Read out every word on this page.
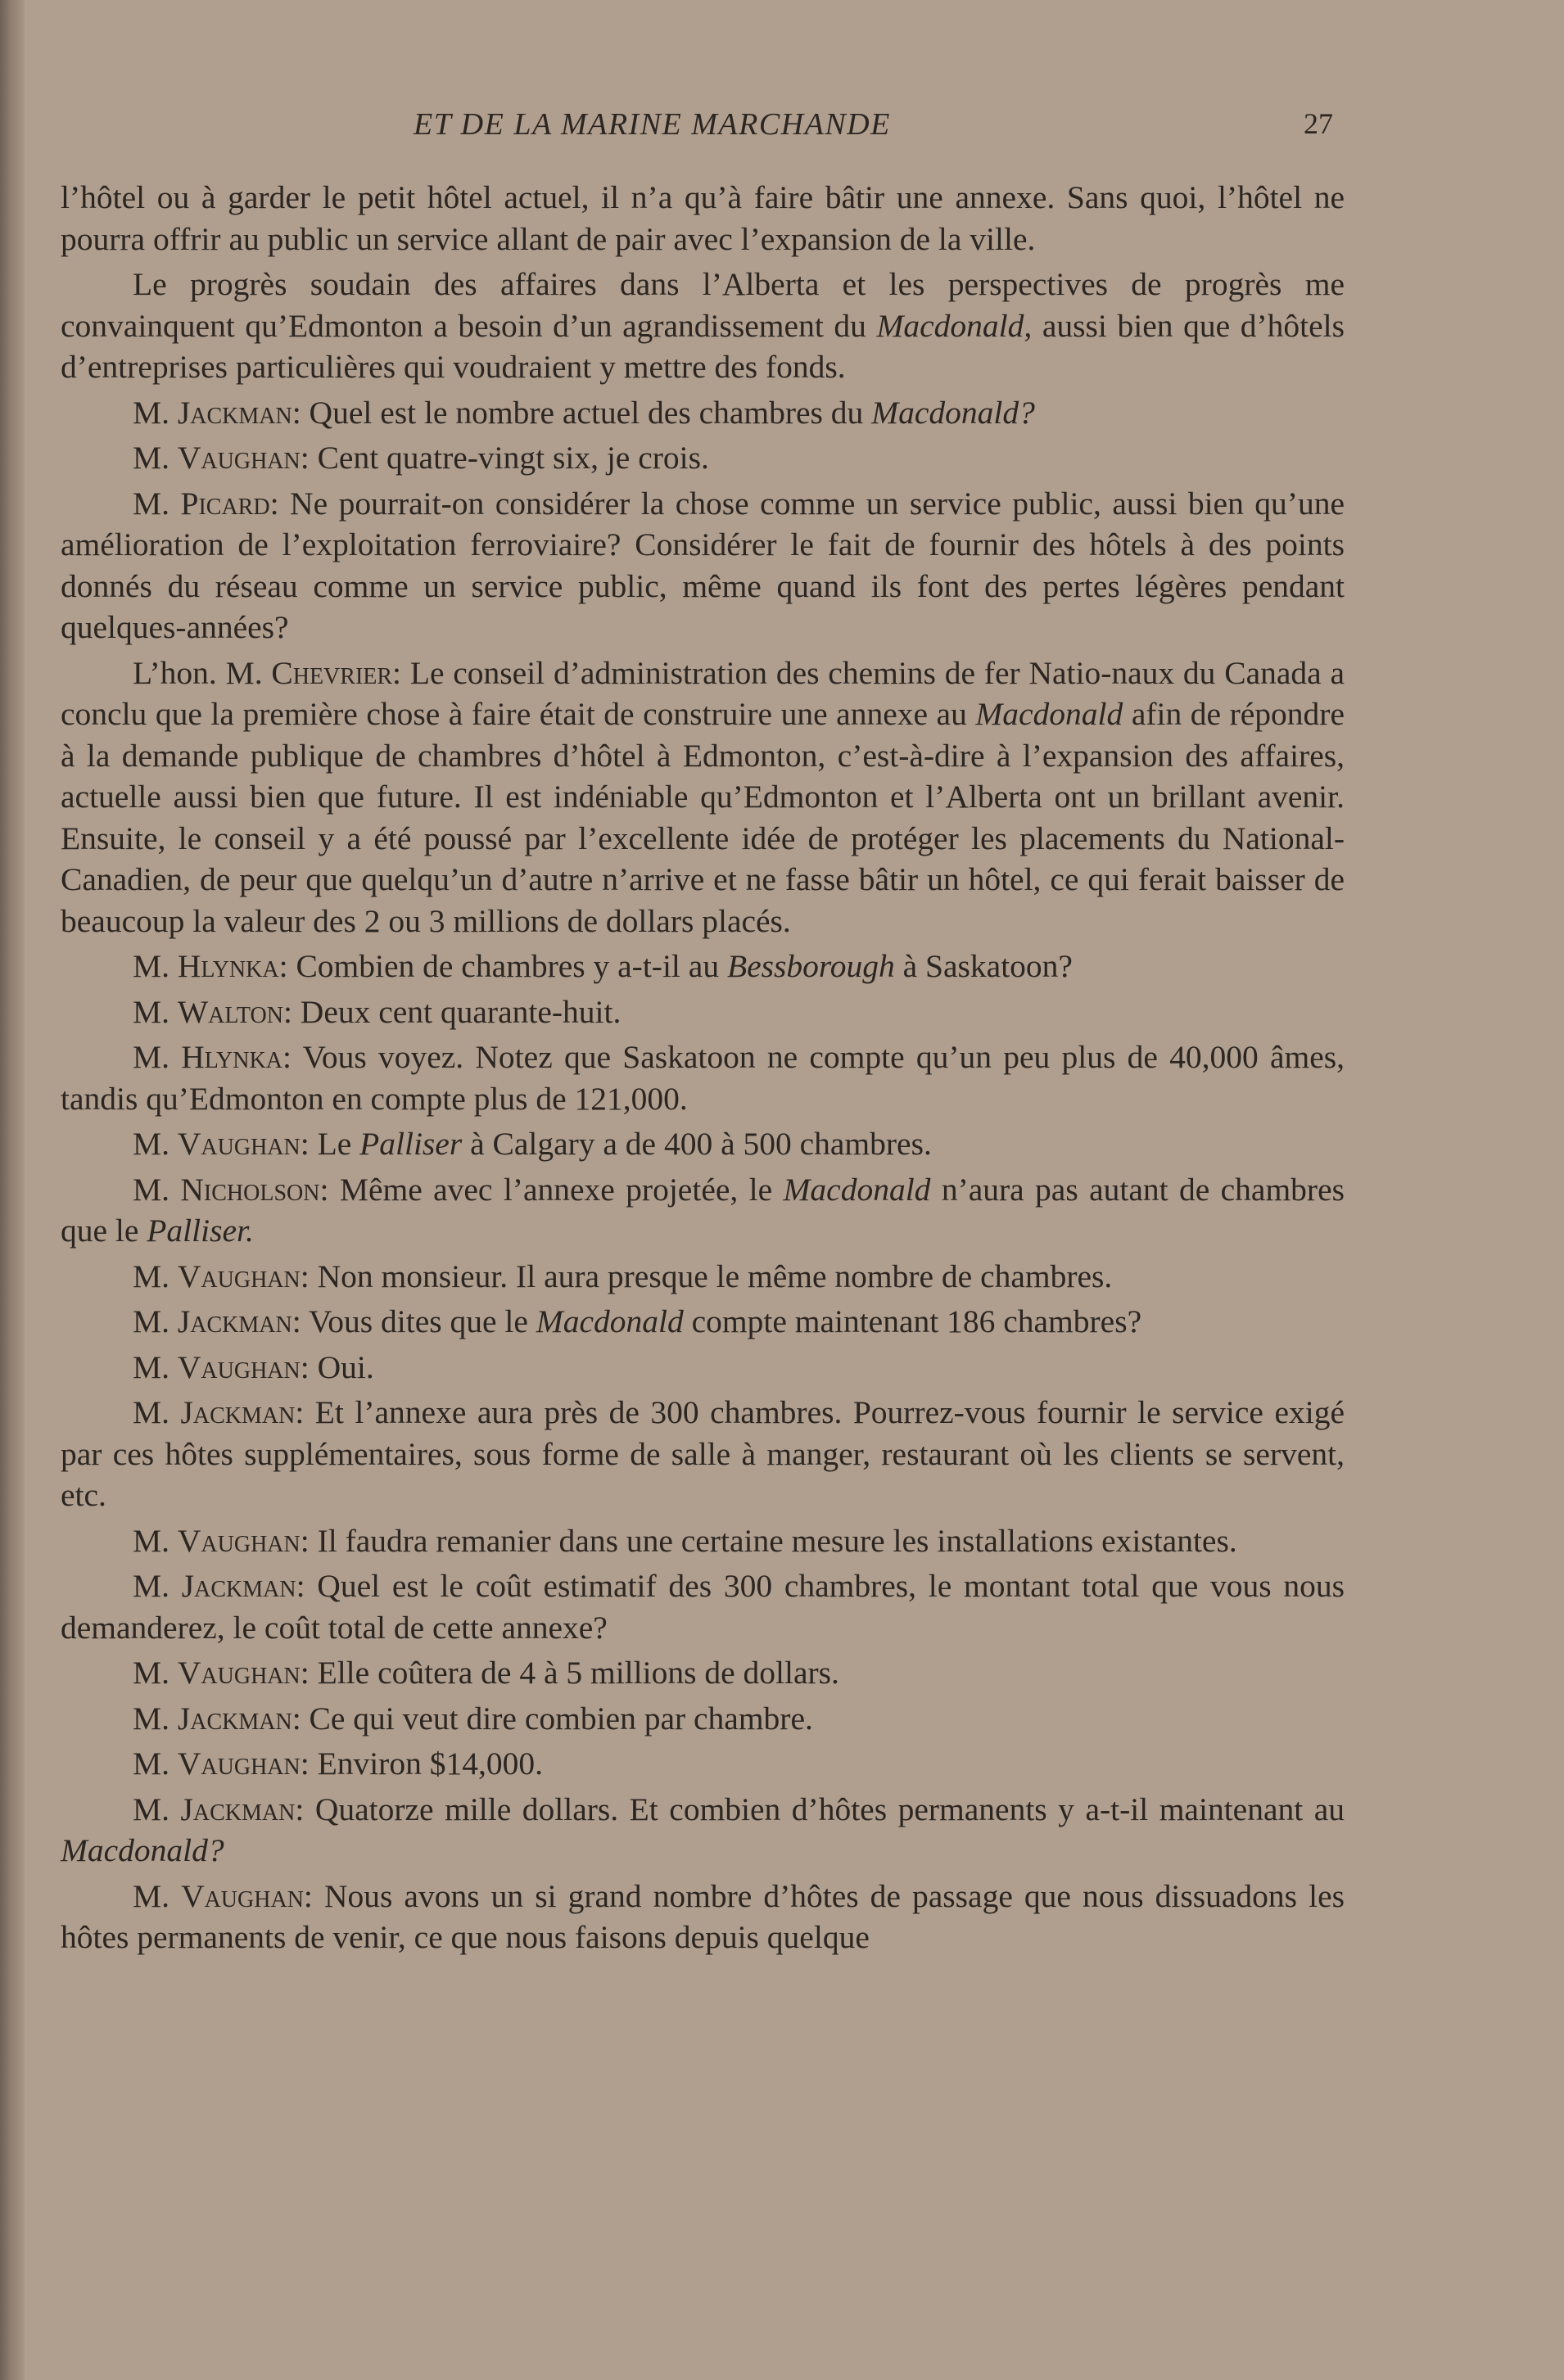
ET DE LA MARINE MARCHANDE	27

l’hôtel ou à garder le petit hôtel actuel, il n’a qu’à faire bâtir une annexe. Sans quoi, l’hôtel ne pourra offrir au public un service allant de pair avec l’expansion de la ville.

Le progrès soudain des affaires dans l’Alberta et les perspectives de progrès me convainquent qu’Edmonton a besoin d’un agrandissement du Macdonald, aussi bien que d’hôtels d’entreprises particulières qui voudraient y mettre des fonds.

M. Jackman: Quel est le nombre actuel des chambres du Macdonald?

M. Vaughan: Cent quatre-vingt six, je crois.

M. Picard: Ne pourrait-on considérer la chose comme un service public, aussi bien qu’une amélioration de l’exploitation ferroviaire? Considérer le fait de fournir des hôtels à des points donnés du réseau comme un service public, même quand ils font des pertes légères pendant quelques-années?

L’hon. M. Chevrier: Le conseil d’administration des chemins de fer Natio-naux du Canada a conclu que la première chose à faire était de construire une annexe au Macdonald afin de répondre à la demande publique de chambres d’hôtel à Edmonton, c’est-à-dire à l’expansion des affaires, actuelle aussi bien que future. Il est indéniable qu’Edmonton et l’Alberta ont un brillant avenir. Ensuite, le conseil y a été poussé par l’excellente idée de protéger les placements du National-Canadien, de peur que quelqu’un d’autre n’arrive et ne fasse bâtir un hôtel, ce qui ferait baisser de beaucoup la valeur des 2 ou 3 millions de dollars placés.

M. Hlynka: Combien de chambres y a-t-il au Bessborough à Saskatoon?

M. Walton: Deux cent quarante-huit.

M. Hlynka: Vous voyez. Notez que Saskatoon ne compte qu’un peu plus de 40,000 âmes, tandis qu’Edmonton en compte plus de 121,000.

M. Vaughan: Le Palliser à Calgary a de 400 à 500 chambres.

M. Nicholson: Même avec l’annexe projetée, le Macdonald n’aura pas autant de chambres que le Palliser.

M. Vaughan: Non monsieur. Il aura presque le même nombre de chambres.

M. Jackman: Vous dites que le Macdonald compte maintenant 186 chambres?

M. Vaughan: Oui.

M. Jackman: Et l’annexe aura près de 300 chambres. Pourrez-vous fournir le service exigé par ces hôtes supplémentaires, sous forme de salle à manger, restaurant où les clients se servent, etc.

M. Vaughan: Il faudra remanier dans une certaine mesure les installations existantes.

M. Jackman: Quel est le coût estimatif des 300 chambres, le montant total que vous nous demanderez, le coût total de cette annexe?

M. Vaughan: Elle coûtera de 4 à 5 millions de dollars.

M. Jackman: Ce qui veut dire combien par chambre.

M. Vaughan: Environ $14,000.

M. Jackman: Quatorze mille dollars. Et combien d’hôtes permanents y a-t-il maintenant au Macdonald?

M. Vaughan: Nous avons un si grand nombre d’hôtes de passage que nous dissuadons les hôtes permanents de venir, ce que nous faisons depuis quelque
